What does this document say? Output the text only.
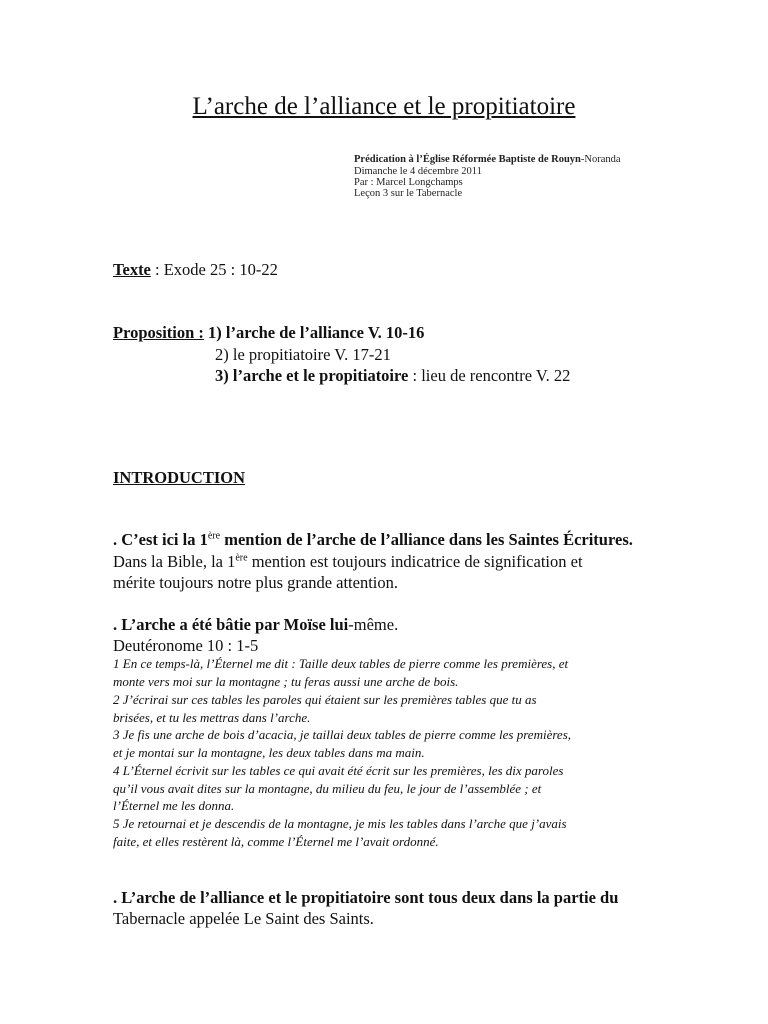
L’arche de l’alliance et le propitiatoire
Prédication à l’Église Réformée Baptiste de Rouyn-Noranda
Dimanche le 4 décembre 2011
Par : Marcel Longchamps
Leçon 3 sur le Tabernacle
Texte : Exode 25 : 10-22
Proposition : 1) l’arche de l’alliance V. 10-16
2) le propitiatoire V. 17-21
3) l’arche et le propitiatoire : lieu de rencontre V. 22
INTRODUCTION
. C’est ici la 1ère mention de l’arche de l’alliance dans les Saintes Écritures.
Dans la Bible, la 1ère mention est toujours indicatrice de signification et
mérite toujours notre plus grande attention.
. L’arche a été bâtie par Moïse lui-même.
Deutéronome 10 : 1-5
1 En ce temps-là, l’Éternel me dit : Taille deux tables de pierre comme les premières, et
monte vers moi sur la montagne ; tu feras aussi une arche de bois.
2 J’écrirai sur ces tables les paroles qui étaient sur les premières tables que tu as
brisées, et tu les mettras dans l’arche.
3 Je fis une arche de bois d’acacia, je taillai deux tables de pierre comme les premières,
et je montai sur la montagne, les deux tables dans ma main.
4 L’Éternel écrivit sur les tables ce qui avait été écrit sur les premières, les dix paroles
qu’il vous avait dites sur la montagne, du milieu du feu, le jour de l’assemblée ; et
l’Éternel me les donna.
5 Je retournai et je descendis de la montagne, je mis les tables dans l’arche que j’avais
faite, et elles restèrent là, comme l’Éternel me l’avait ordonné.
. L’arche de l’alliance et le propitiatoire sont tous deux dans la partie du
Tabernacle appelée Le Saint des Saints.
